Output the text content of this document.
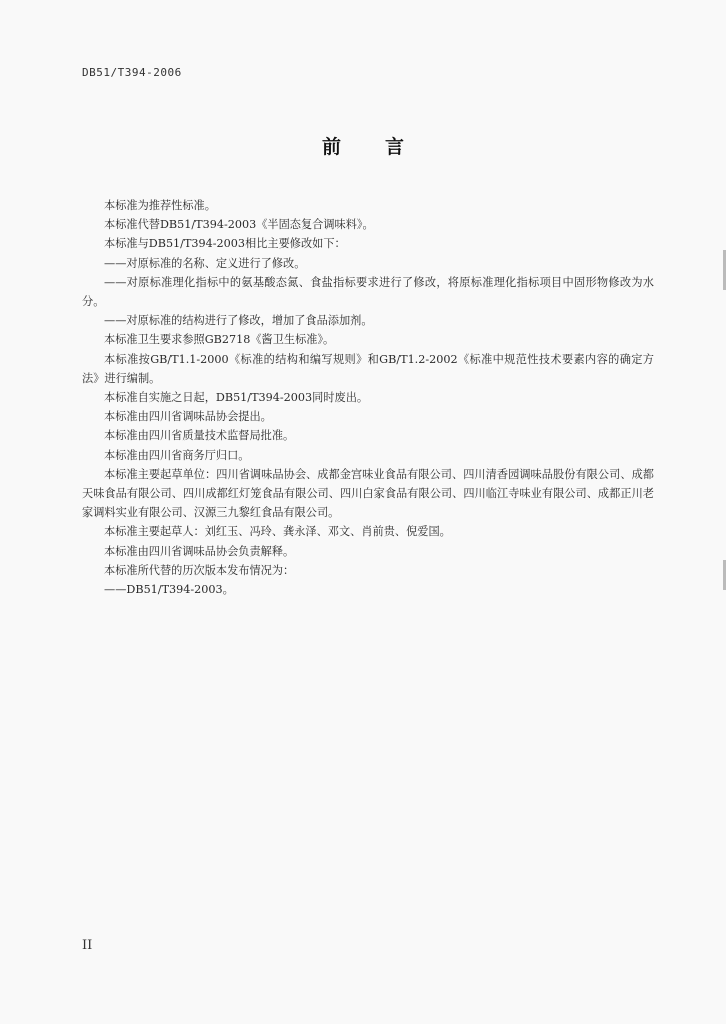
DB51/T394-2006
前 言

本标准为推荐性标准。

本标准代替DB51/T394-2003《半固态复合调味料》。

本标准与DB51/T394-2003相比主要修改如下：

——对原标准的名称、定义进行了修改。

——对原标准理化指标中的氨基酸态氮、食盐指标要求进行了修改，将原标准理化指标项目中固形物修改为水分。

——对原标准的结构进行了修改，增加了食品添加剂。

本标准卫生要求参照GB2718《酱卫生标准》。

本标准按GB/T1.1-2000《标准的结构和编写规则》和GB/T1.2-2002《标准中规范性技术要素内容的确定方法》进行编制。

本标准自实施之日起，DB51/T394-2003同时废出。

本标准由四川省调味品协会提出。

本标准由四川省质量技术监督局批准。

本标准由四川省商务厅归口。

本标准主要起草单位：四川省调味品协会、成都金宫味业食品有限公司、四川清香园调味品股份有限公司、成都天味食品有限公司、四川成都红灯笼食品有限公司、四川白家食品有限公司、四川临江寺味业有限公司、成都正川老家调料实业有限公司、汉源三九黎红食品有限公司。

本标准主要起草人：刘红玉、冯玲、龚永泽、邓文、肖前贵、倪爱国。

本标准由四川省调味品协会负责解释。

本标准所代替的历次版本发布情况为：

——DB51/T394-2003。

II
